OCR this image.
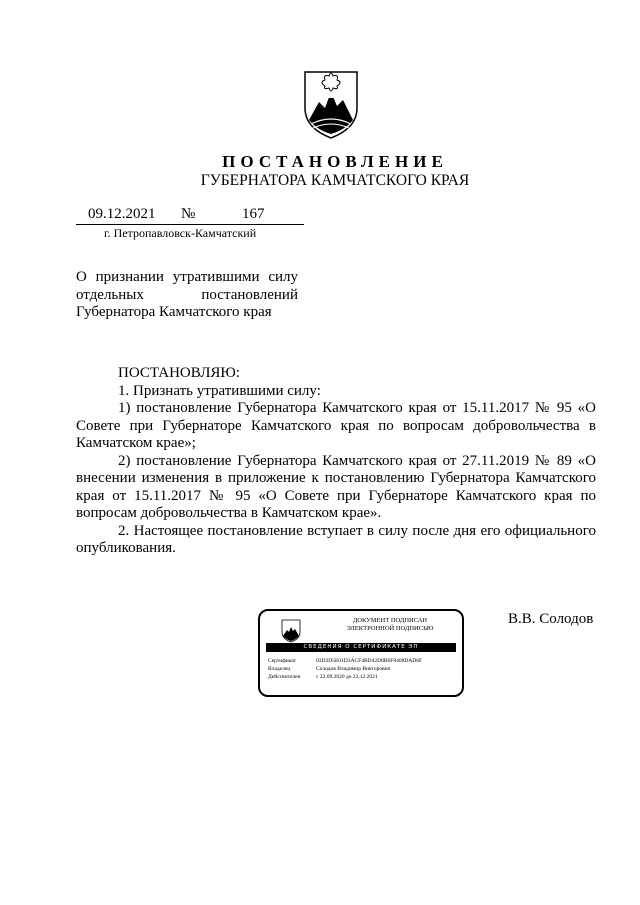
ПОСТАНОВЛЕНИЕ
ГУБЕРНАТОРА КАМЧАТСКОГО КРАЯ
09.12.2021 №	167
г. Петропавловск-Камчатский
О признании утратившими силу
отдельных постановлений
Губернатора Камчатского края

ПОСТАНОВЛЯЮ:

1. Признать утратившими силу:

1) постановление Губернатора Камчатского края от 15.11.2017 № 95 «О Совете при Губернаторе Камчатского края по вопросам добровольчества в Камчатском крае»;

2) постановление Губернатора Камчатского края от 27.11.2019 № 89 «О внесении изменения в приложение к постановлению Губернатора Камчатского края от 15.11.2017 № 95 «О Совете при Губернаторе Камчатского края по вопросам добровольчества в Камчатском крае».

2. Настоящее постановление вступает в силу после дня его официального опубликования.

ДОКУМЕНТ ПОДПИСАН
ЭЛЕКТРОННОЙ ПОДПИСЬЮ
СВЕДЕНИЯ О СЕРТИФИКАТЕ ЭП
Сертификат	03D2D5E01D3ACF4BD42D8B6F8408DAD6F
Владелец	Солодов Владимир Викторович
Действителен	с 22.09.2020 до 22.12.2021
В.В. Солодов
